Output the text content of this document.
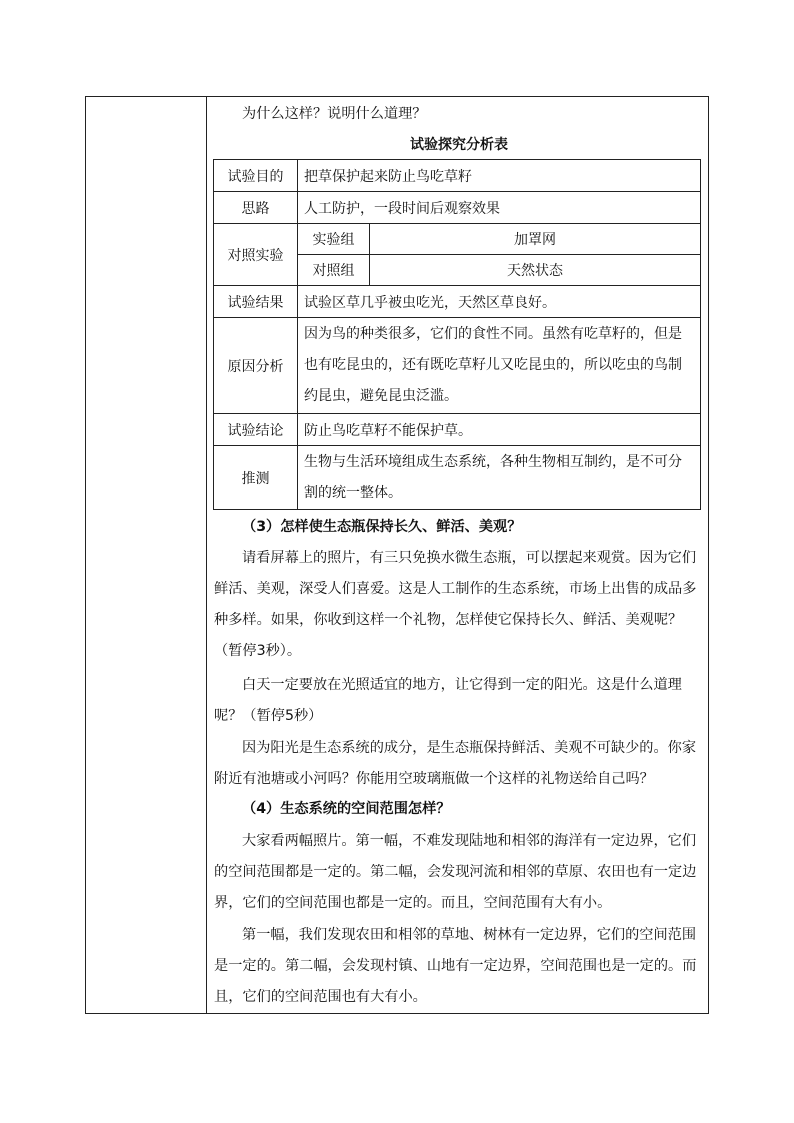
为什么这样？说明什么道理？
试验探究分析表
试验目的	把草保护起来防止鸟吃草籽	
思路	人工防护，一段时间后观察效果	
对照实验	实验组	加罩网
	对照组	天然状态
试验结果	试验区草几乎被虫吃光，天然区草良好。	
原因分析	因为鸟的种类很多，它们的食性不同。虽然有吃草籽的，但是也有吃昆虫的，还有既吃草籽儿又吃昆虫的，所以吃虫的鸟制约昆虫，避免昆虫泛滥。	
试验结论	防止鸟吃草籽不能保护草。	
推测	生物与生活环境组成生态系统，各种生物相互制约，是不可分割的统一整体。	

（3）怎样使生态瓶保持长久、鲜活、美观？

请看屏幕上的照片，有三只免换水微生态瓶，可以摆起来观赏。因为它们鲜活、美观，深受人们喜爱。这是人工制作的生态系统，市场上出售的成品多种多样。如果，你收到这样一个礼物，怎样使它保持长久、鲜活、美观呢？（暂停3秒）。

白天一定要放在光照适宜的地方，让它得到一定的阳光。这是什么道理呢？（暂停5秒）

因为阳光是生态系统的成分，是生态瓶保持鲜活、美观不可缺少的。你家附近有池塘或小河吗？你能用空玻璃瓶做一个这样的礼物送给自己吗？

（4）生态系统的空间范围怎样？

大家看两幅照片。第一幅，不难发现陆地和相邻的海洋有一定边界，它们的空间范围都是一定的。第二幅，会发现河流和相邻的草原、农田也有一定边界，它们的空间范围也都是一定的。而且，空间范围有大有小。

第一幅，我们发现农田和相邻的草地、树林有一定边界，它们的空间范围是一定的。第二幅，会发现村镇、山地有一定边界，空间范围也是一定的。而且，它们的空间范围也有大有小。
